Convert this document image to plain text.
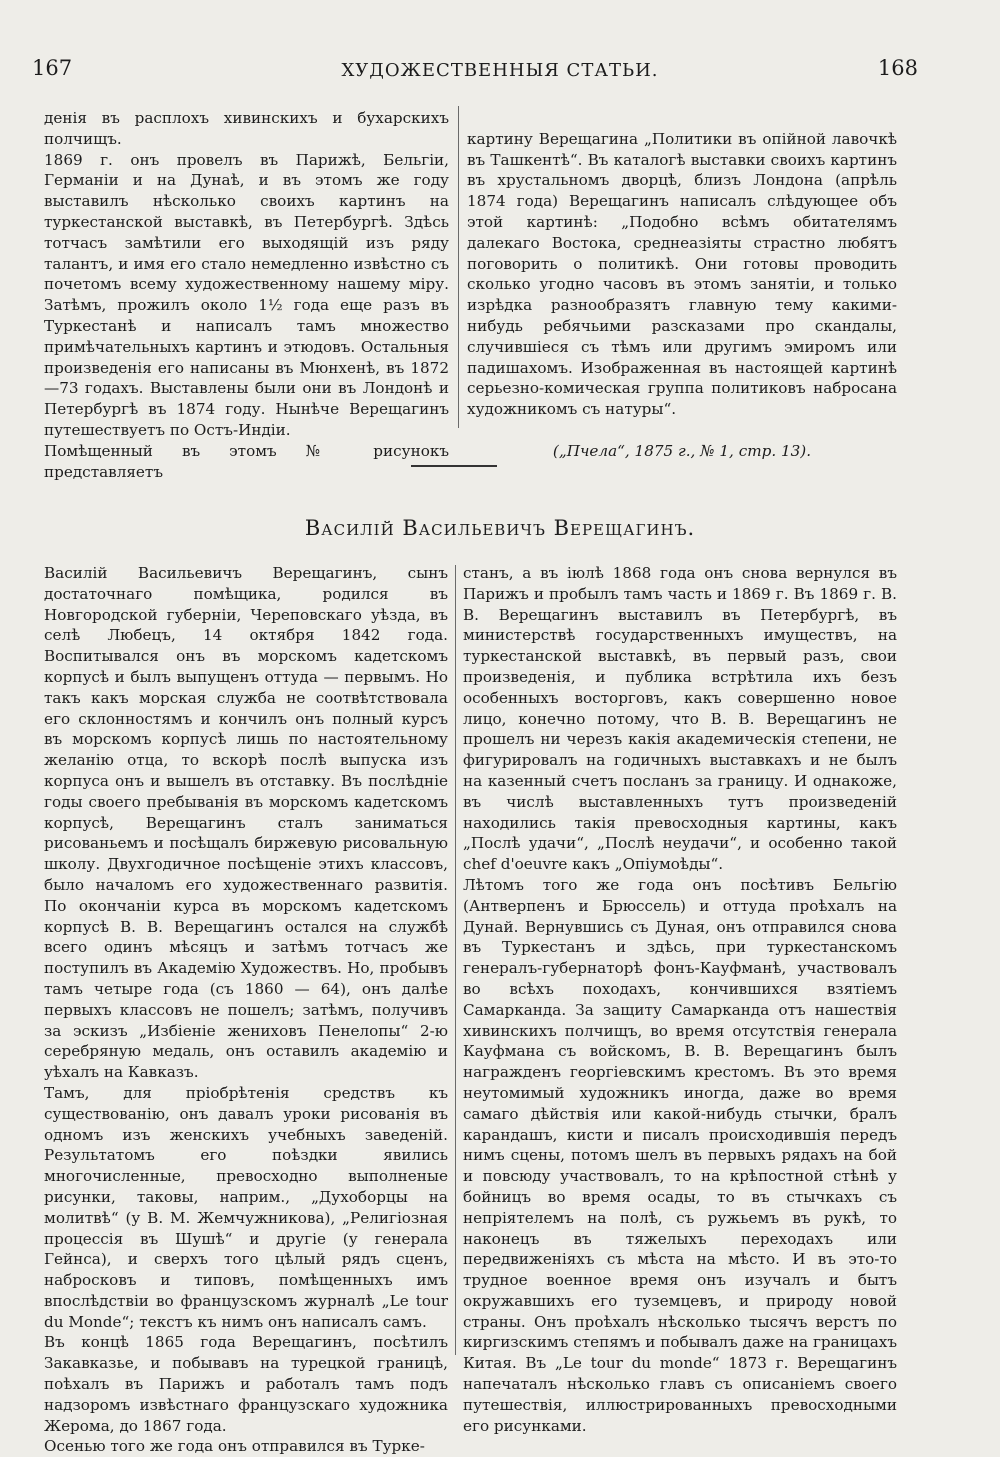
167	ХУДОЖЕСТВЕННЫЯ СТАТЬИ.	168
денія въ расплохъ хивинскихъ и бухарскихъ полчищъ.
1869 г. онъ провелъ въ Парижѣ, Бельгіи, Германіи и на Дунаѣ, и въ этомъ же году выставилъ нѣсколько своихъ картинъ на туркестанской выставкѣ, въ Петербургѣ. Здѣсь тотчасъ замѣтили его выходящій изъ ряду талантъ, и имя его стало немедленно извѣстно съ почетомъ всему художественному нашему міру. Затѣмъ, прожилъ около 1½ года еще разъ въ Туркестанѣ и написалъ тамъ множество примѣчательныхъ картинъ и этюдовъ. Остальныя произведенія его написаны въ Мюнхенѣ, въ 1872—73 годахъ. Выставлены были они въ Лондонѣ и Петербургѣ въ 1874 году. Нынѣче Верещагинъ путешествуетъ по Остъ-Индіи.
Помѣщенный въ этомъ № рисунокъ представляетъ

картину Верещагина „Политики въ опійной лавочкѣ въ Ташкентѣ“. Въ каталогѣ выставки своихъ картинъ въ хрустальномъ дворцѣ, близъ Лондона (апрѣль 1874 года) Верещагинъ написалъ слѣдующее объ этой картинѣ: „Подобно всѣмъ обитателямъ далекаго Востока, среднеазіяты страстно любятъ поговорить о политикѣ. Они готовы проводить сколько угодно часовъ въ этомъ занятіи, и только изрѣдка разнообразятъ главную тему какими-нибудь ребячьими разсказами про скандалы, случившіеся съ тѣмъ или другимъ эмиромъ или падишахомъ. Изображенная въ настоящей картинѣ серьезно-комическая группа политиковъ набросана художникомъ съ натуры“.

(„Пчела“, 1875 г., № 1, стр. 13).

Василій Васильевичъ Верещагинъ.
Василій Васильевичъ Верещагинъ, сынъ достаточнаго помѣщика, родился въ Новгородской губерніи, Череповскаго уѣзда, въ селѣ Любецъ, 14 октября 1842 года. Воспитывался онъ въ морскомъ кадетскомъ корпусѣ и былъ выпущенъ оттуда — первымъ. Но такъ какъ морская служба не соотвѣтствовала его склонностямъ и кончилъ онъ полный курсъ въ морскомъ корпусѣ лишь по настоятельному желанію отца, то вскорѣ послѣ выпуска изъ корпуса онъ и вышелъ въ отставку. Въ послѣдніе годы своего пребыванія въ морскомъ кадетскомъ корпусѣ, Верещагинъ сталъ заниматься рисованьемъ и посѣщалъ биржевую рисовальную школу. Двухгодичное посѣщеніе этихъ классовъ, было началомъ его художественнаго развитія. По окончаніи курса въ морскомъ кадетскомъ корпусѣ В. В. Верещагинъ остался на службѣ всего одинъ мѣсяцъ и затѣмъ тотчасъ же поступилъ въ Академію Художествъ. Но, пробывъ тамъ четыре года (съ 1860 — 64), онъ далѣе первыхъ классовъ не пошелъ; затѣмъ, получивъ за эскизъ „Избіеніе жениховъ Пенелопы“ 2-ю серебряную медаль, онъ оставилъ академію и уѣхалъ на Кавказъ.
Тамъ, для пріобрѣтенія средствъ къ существованію, онъ давалъ уроки рисованія въ одномъ изъ женскихъ учебныхъ заведеній. Результатомъ его поѣздки явились многочисленные, превосходно выполненые рисунки, таковы, наприм., „Духоборцы на молитвѣ“ (у В. М. Жемчужникова), „Религіозная процессія въ Шушѣ“ и другіе (у генерала Гейнса), и сверхъ того цѣлый рядъ сценъ, набросковъ и типовъ, помѣщенныхъ имъ впослѣдствіи во французскомъ журналѣ „Le tour du Monde“; текстъ къ нимъ онъ написалъ самъ.
Въ концѣ 1865 года Верещагинъ, посѣтилъ Закавказье, и побывавъ на турецкой границѣ, поѣхалъ въ Парижъ и работалъ тамъ подъ надзоромъ извѣстнаго французскаго художника Жерома, до 1867 года.
Осенью того же года онъ отправился въ Турке-
станъ, а въ іюлѣ 1868 года онъ снова вернулся въ Парижъ и пробылъ тамъ часть и 1869 г. Въ 1869 г. В. В. Верещагинъ выставилъ въ Петербургѣ, въ министерствѣ государственныхъ имуществъ, на туркестанской выставкѣ, въ первый разъ, свои произведенія, и публика встрѣтила ихъ безъ особенныхъ восторговъ, какъ совершенно новое лицо, конечно потому, что В. В. Верещагинъ не прошелъ ни черезъ какія академическія степени, не фигурировалъ на годичныхъ выставкахъ и не былъ на казенный счетъ посланъ за границу. И однакоже, въ числѣ выставленныхъ тутъ произведеній находились такія превосходныя картины, какъ „Послѣ удачи“, „Послѣ неудачи“, и особенно такой chef d'oeuvre какъ „Опіумоѣды“.
Лѣтомъ того же года онъ посѣтивъ Бельгію (Антверпенъ и Брюссель) и оттуда проѣхалъ на Дунай. Вернувшись съ Дуная, онъ отправился снова въ Туркестанъ и здѣсь, при туркестанскомъ генералъ-губернаторѣ фонъ-Кауфманѣ, участвовалъ во всѣхъ походахъ, кончившихся взятіемъ Самарканда. За защиту Самарканда отъ нашествія хивинскихъ полчищъ, во время отсутствія генерала Кауфмана съ войскомъ, В. В. Верещагинъ былъ награжденъ георгіевскимъ крестомъ. Въ это время неутомимый художникъ иногда, даже во время самаго дѣйствія или какой-нибудь стычки, бралъ карандашъ, кисти и писалъ происходившія передъ нимъ сцены, потомъ шелъ въ первыхъ рядахъ на бой и повсюду участвовалъ, то на крѣпостной стѣнѣ у бойницъ во время осады, то въ стычкахъ съ непріятелемъ на полѣ, съ ружьемъ въ рукѣ, то наконецъ въ тяжелыхъ переходахъ или передвиженіяхъ съ мѣста на мѣсто. И въ это-то трудное военное время онъ изучалъ и бытъ окружавшихъ его туземцевъ, и природу новой страны. Онъ проѣхалъ нѣсколько тысячъ верстъ по киргизскимъ степямъ и побывалъ даже на границахъ Китая. Въ „Le tour du monde“ 1873 г. Верещагинъ напечаталъ нѣсколько главъ съ описаніемъ своего путешествія, иллюстрированныхъ превосходными его рисунками.
